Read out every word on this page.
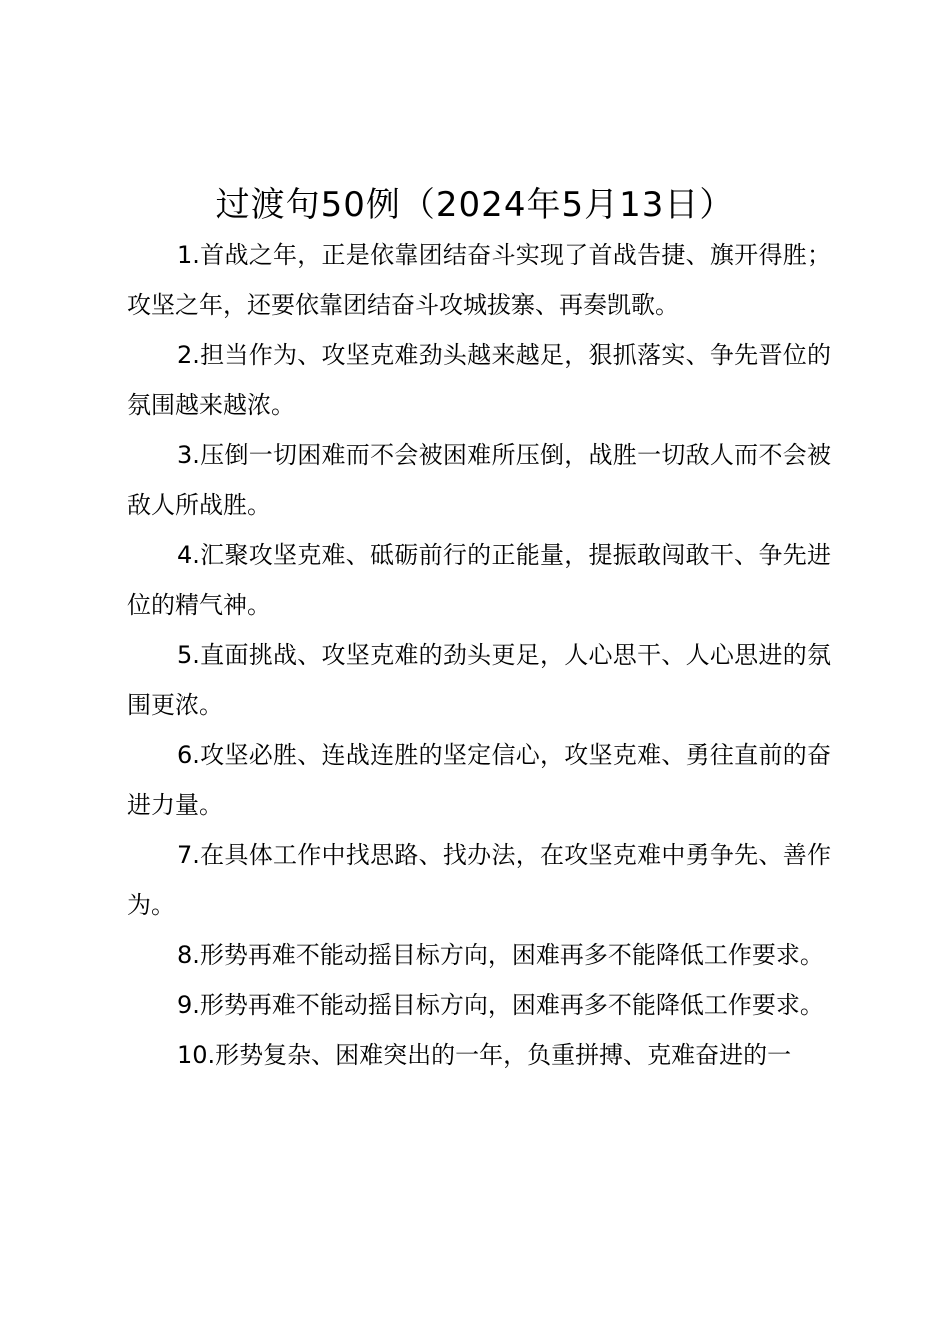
过渡句50例（2024年5月13日）

1.首战之年，正是依靠团结奋斗实现了首战告捷、旗开得胜；攻坚之年，还要依靠团结奋斗攻城拔寨、再奏凯歌。

2.担当作为、攻坚克难劲头越来越足，狠抓落实、争先晋位的氛围越来越浓。

3.压倒一切困难而不会被困难所压倒，战胜一切敌人而不会被敌人所战胜。

4.汇聚攻坚克难、砥砺前行的正能量，提振敢闯敢干、争先进位的精气神。

5.直面挑战、攻坚克难的劲头更足，人心思干、人心思进的氛围更浓。

6.攻坚必胜、连战连胜的坚定信心，攻坚克难、勇往直前的奋进力量。

7.在具体工作中找思路、找办法，在攻坚克难中勇争先、善作为。

8.形势再难不能动摇目标方向，困难再多不能降低工作要求。

9.形势再难不能动摇目标方向，困难再多不能降低工作要求。

10.形势复杂、困难突出的一年，负重拼搏、克难奋进的一
